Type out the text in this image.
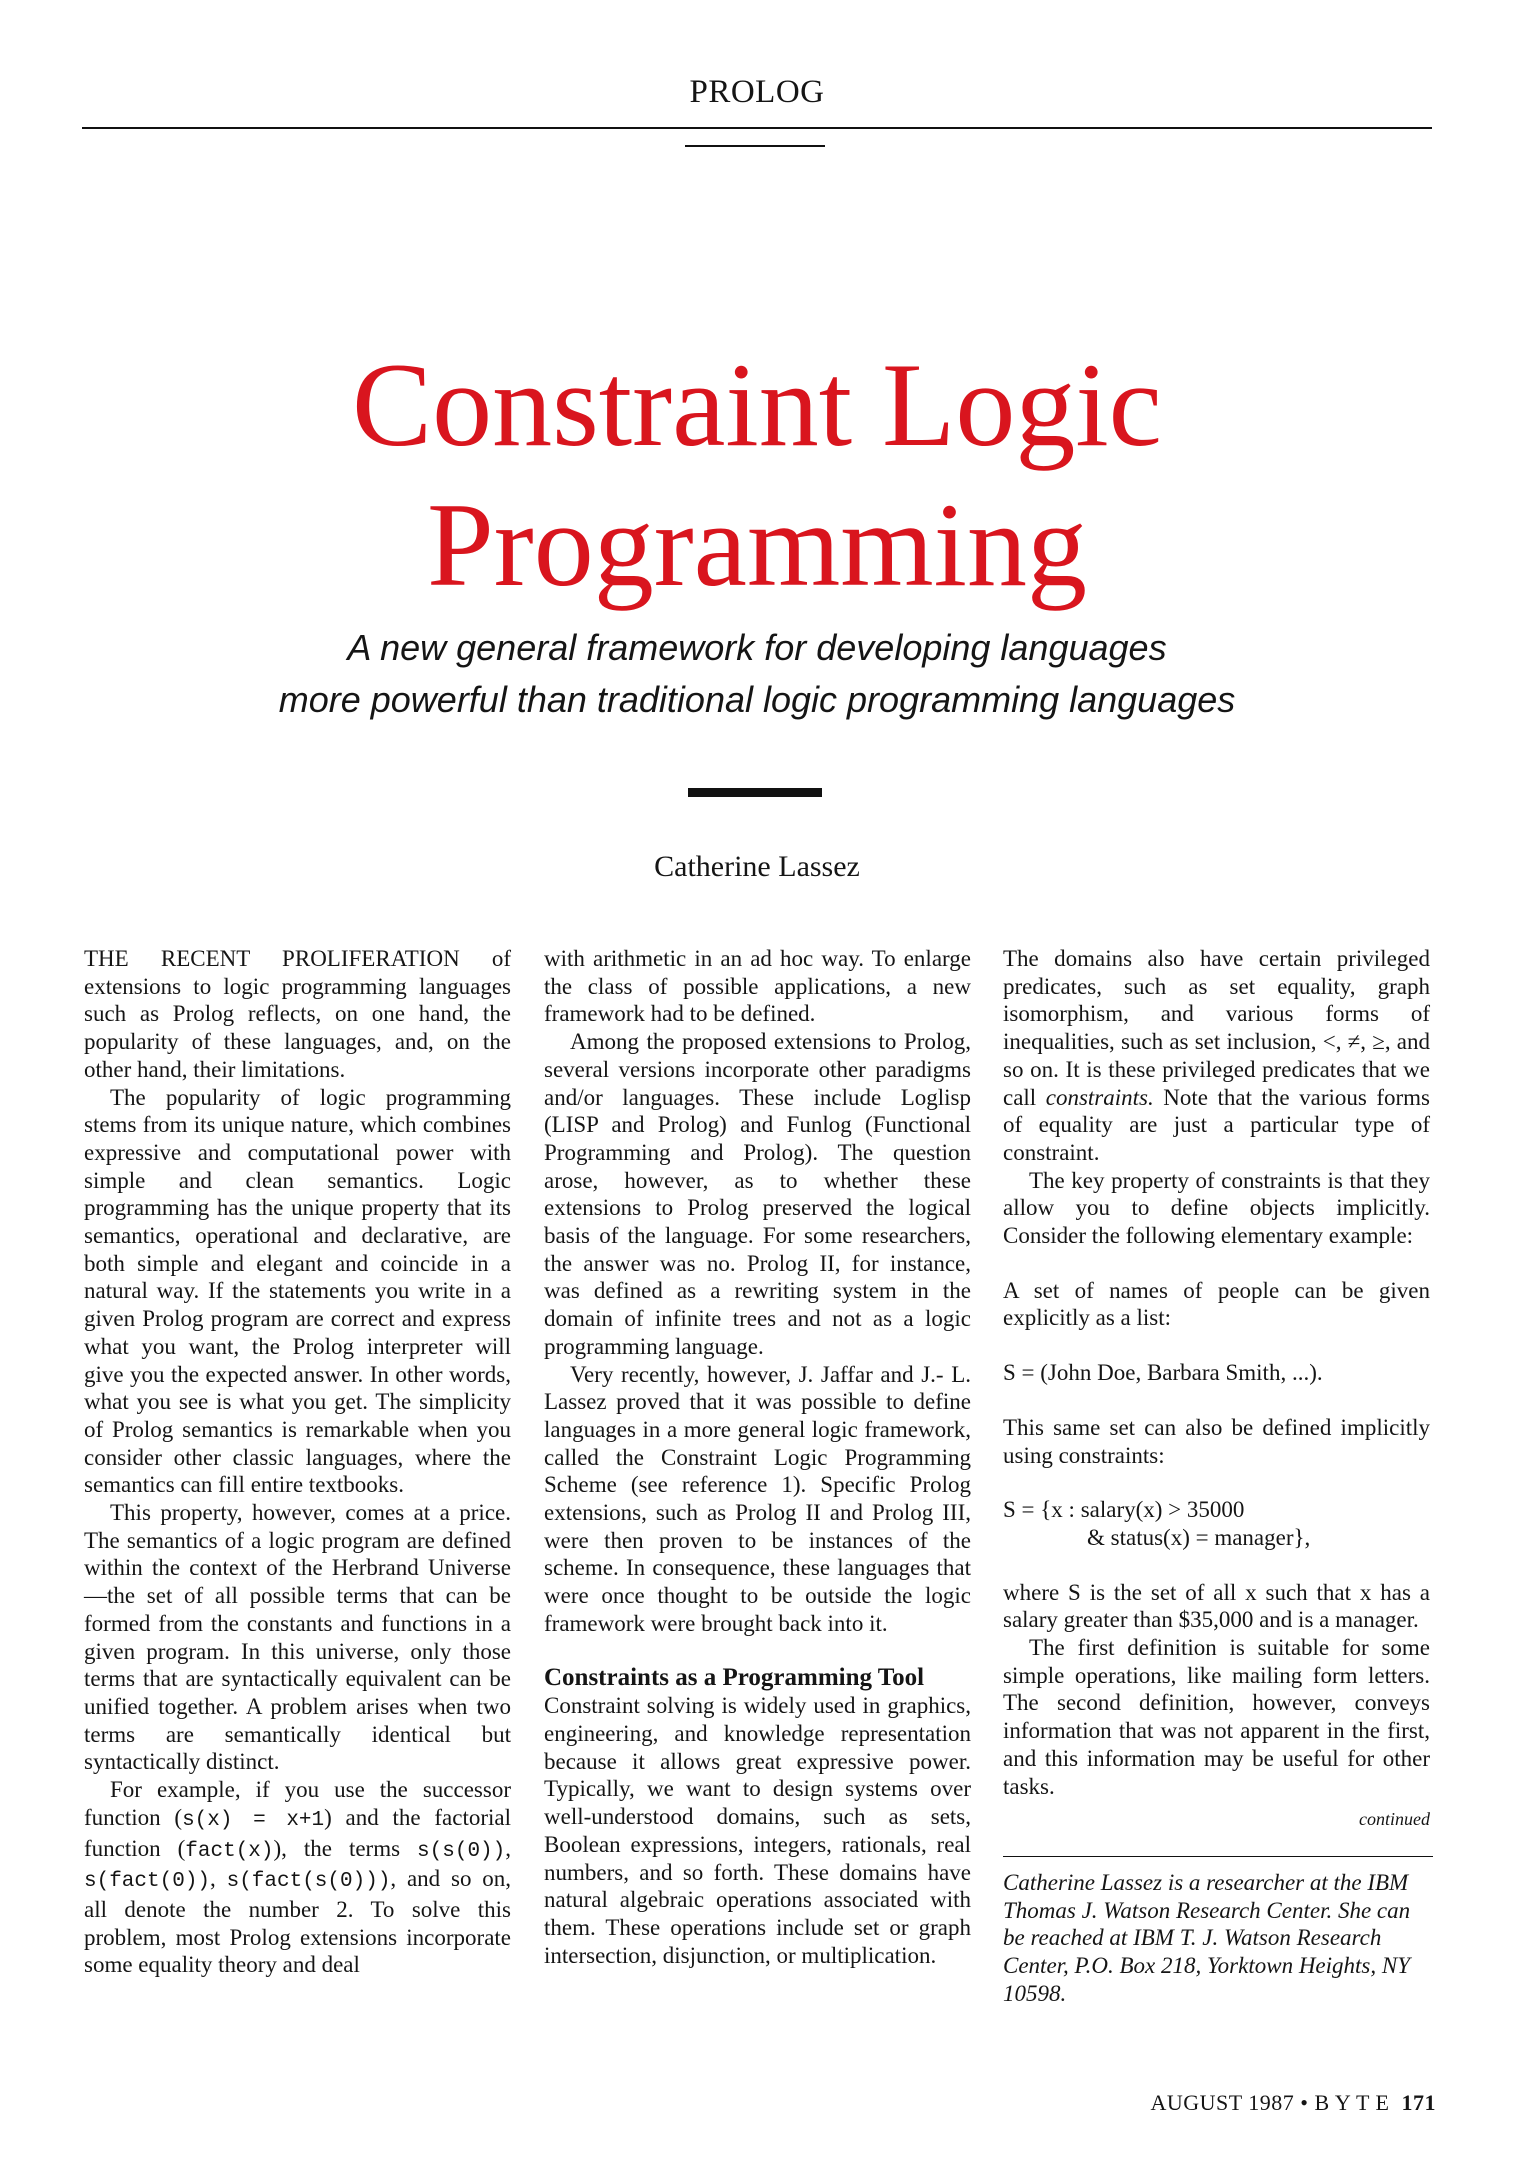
PROLOG
Constraint Logic
Programming
A new general framework for developing languages
more powerful than traditional logic programming languages
Catherine Lassez

THE RECENT PROLIFERATION of extensions to logic programming languages such as Prolog reflects, on one hand, the popularity of these languages, and, on the other hand, their limitations.

The popularity of logic programming stems from its unique nature, which combines expressive and computational power with simple and clean semantics. Logic programming has the unique property that its semantics, operational and declarative, are both simple and elegant and coincide in a natural way. If the statements you write in a given Prolog program are correct and express what you want, the Prolog interpreter will give you the expected answer. In other words, what you see is what you get. The simplicity of Prolog semantics is remarkable when you consider other classic languages, where the semantics can fill entire textbooks.

This property, however, comes at a price. The semantics of a logic program are defined within the context of the Herbrand Universe—the set of all possible terms that can be formed from the constants and functions in a given program. In this universe, only those terms that are syntactically equivalent can be unified together. A problem arises when two terms are semantically identical but syntactically distinct.

For example, if you use the successor function (s(x) = x+1) and the factorial function (fact(x)), the terms s(s(0)), s(fact(0)), s(fact(s(0))), and so on, all denote the number 2. To solve this problem, most Prolog extensions incorporate some equality theory and deal

with arithmetic in an ad hoc way. To enlarge the class of possible applications, a new framework had to be defined.

Among the proposed extensions to Prolog, several versions incorporate other paradigms and/or languages. These include Loglisp (LISP and Prolog) and Funlog (Functional Programming and Prolog). The question arose, however, as to whether these extensions to Prolog preserved the logical basis of the language. For some researchers, the answer was no. Prolog II, for instance, was defined as a rewriting system in the domain of infinite trees and not as a logic programming language.

Very recently, however, J. Jaffar and J.- L. Lassez proved that it was possible to define languages in a more general logic framework, called the Constraint Logic Programming Scheme (see reference 1). Specific Prolog extensions, such as Prolog II and Prolog III, were then proven to be instances of the scheme. In consequence, these languages that were once thought to be outside the logic framework were brought back into it.

Constraints as a Programming Tool

Constraint solving is widely used in graphics, engineering, and knowledge representation because it allows great expressive power. Typically, we want to design systems over well-understood domains, such as sets, Boolean expressions, integers, rationals, real numbers, and so forth. These domains have natural algebraic operations associated with them. These operations include set or graph intersection, disjunction, or multiplication.

The domains also have certain privileged predicates, such as set equality, graph isomorphism, and various forms of inequalities, such as set inclusion, <, ≠, ≥, and so on. It is these privileged predicates that we call constraints. Note that the various forms of equality are just a particular type of constraint.

The key property of constraints is that they allow you to define objects implicitly. Consider the following elementary example:

A set of names of people can be given explicitly as a list:

S = (John Doe, Barbara Smith, ...).

This same set can also be defined implicitly using constraints:

S = {x : salary(x) > 35000
& status(x) = manager},

where S is the set of all x such that x has a salary greater than $35,000 and is a manager.

The first definition is suitable for some simple operations, like mailing form letters. The second definition, however, conveys information that was not apparent in the first, and this information may be useful for other tasks.

continued
Catherine Lassez is a researcher at the IBM Thomas J. Watson Research Center. She can be reached at IBM T. J. Watson Research Center, P.O. Box 218, Yorktown Heights, NY 10598.
AUGUST 1987 • B Y T E 171
